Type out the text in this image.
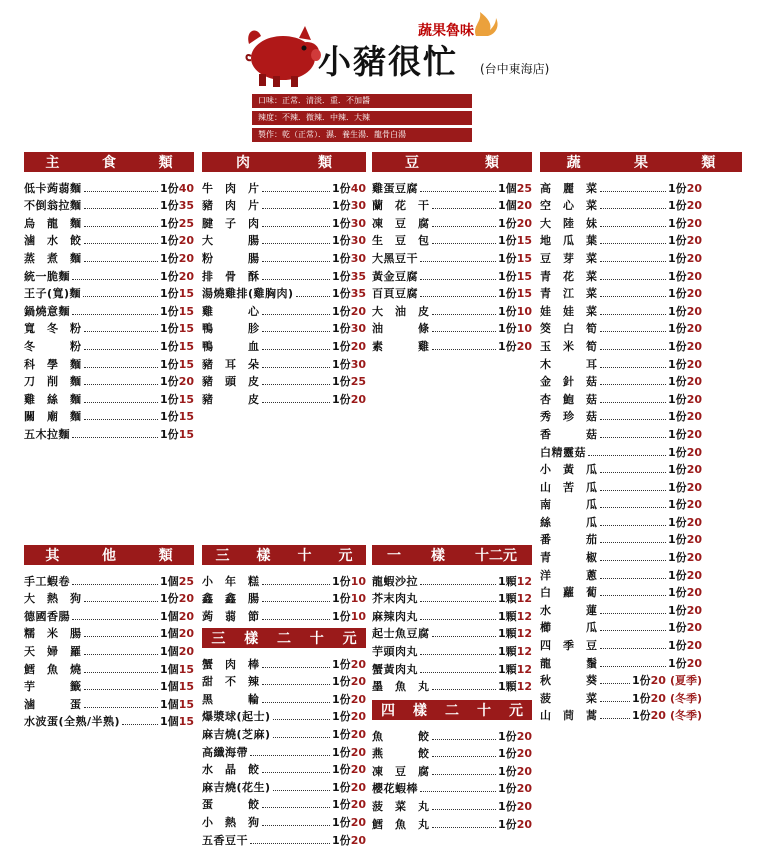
蔬果魯味
小豬很忙 (台中東海店)
口味：正常．清淡．重．不加醬
辣度：不辣．微辣．中辣．大辣
製作：乾（正常）．濕．養生湯．龍骨白湯
主	食	類
低卡蒟蒻麵	1份40
不倒翁拉麵	1份35
烏　龍　麵	1份25
滷　水　餃	1份20
蒸　煮　麵	1份20
統一脆麵	1份20
王子(寬)麵	1份15
鍋燒意麵	1份15
寬　冬　粉	1份15
冬　　　粉	1份15
科　學　麵	1份15
刀　削　麵	1份20
雞　絲　麵	1份15
關　廟　麵	1份15
五木拉麵	1份15
肉	類
牛　肉　片	1份40
豬　肉　片	1份30
腱　子　肉	1份30
大　　　腸	1份30
粉　　　腸	1份30
排　骨　酥	1份35
湯燒雞排(雞胸肉)	1份35
雞　　　心	1份20
鴨　　　胗	1份30
鴨　　　血	1份20
豬　耳　朵	1份30
豬　頭　皮	1份25
豬　　　皮	1份20
豆	類
雞蛋豆腐	1個25
蘭　花　干	1個20
凍　豆　腐	1份20
生　豆　包	1份15
大黑豆干	1份15
黃金豆腐	1份15
百頁豆腐	1份15
大　油　皮	1份10
油　　　條	1份10
素　　　雞	1份20
蔬	果	類
高　麗　菜	1份20
空　心　菜	1份20
大　陸　妹	1份20
地　瓜　葉	1份20
豆　芽　菜	1份20
青　花　菜	1份20
青　江　菜	1份20
娃　娃　菜	1份20
筊　白　筍	1份20
玉　米　筍	1份20
木　　　耳	1份20
金　針　菇	1份20
杏　鮑　菇	1份20
秀　珍　菇	1份20
香　　　菇	1份20
白精靈菇	1份20
小　黃　瓜	1份20
山　苦　瓜	1份20
南　　　瓜	1份20
絲　　　瓜	1份20
番　　　茄	1份20
青　　　椒	1份20
洋　　　蔥	1份20
白　蘿　蔔	1份20
水　　　蓮	1份20
櫛　　　瓜	1份20
四　季　豆	1份20
龍　　　鬚	1份20
秋　　　葵	1份20 (夏季)
菠　　　菜	1份20 (冬季)
山　茼　蒿	1份20 (冬季)
其	他	類
手工蝦卷	1個25
大　熱　狗	1份20
德國香腸	1個20
糯　米　腸	1個20
天　婦　羅	1個20
鱈　魚　燒	1個15
芋　　　籤	1個15
滷　　　蛋	1個15
水波蛋(全熟/半熟)	1個15
三 樣 十 元
小　年　糕	1份10
鑫　鑫　腸	1份10
蒟　蒻　節	1份10
三 樣 二 十 元
蟹　肉　棒	1份20
甜　不　辣	1份20
黑　　　輪	1份20
爆漿球(起士)	1份20
麻吉燒(芝麻)	1份20
高纖海帶	1份20
水　晶　餃	1份20
麻吉燒(花生)	1份20
蛋　　　餃	1份20
小　熱　狗	1份20
五香豆干	1份20
一 樣 十二元
龍蝦沙拉	1顆12
芥末肉丸	1顆12
麻辣肉丸	1顆12
起士魚豆腐	1顆12
芋頭肉丸	1顆12
蟹黃肉丸	1顆12
墨　魚　丸	1顆12
四 樣 二 十 元
魚　　　餃	1份20
燕　　　餃	1份20
凍　豆　腐	1份20
櫻花蝦棒	1份20
菠　菜　丸	1份20
鱈　魚　丸	1份20
